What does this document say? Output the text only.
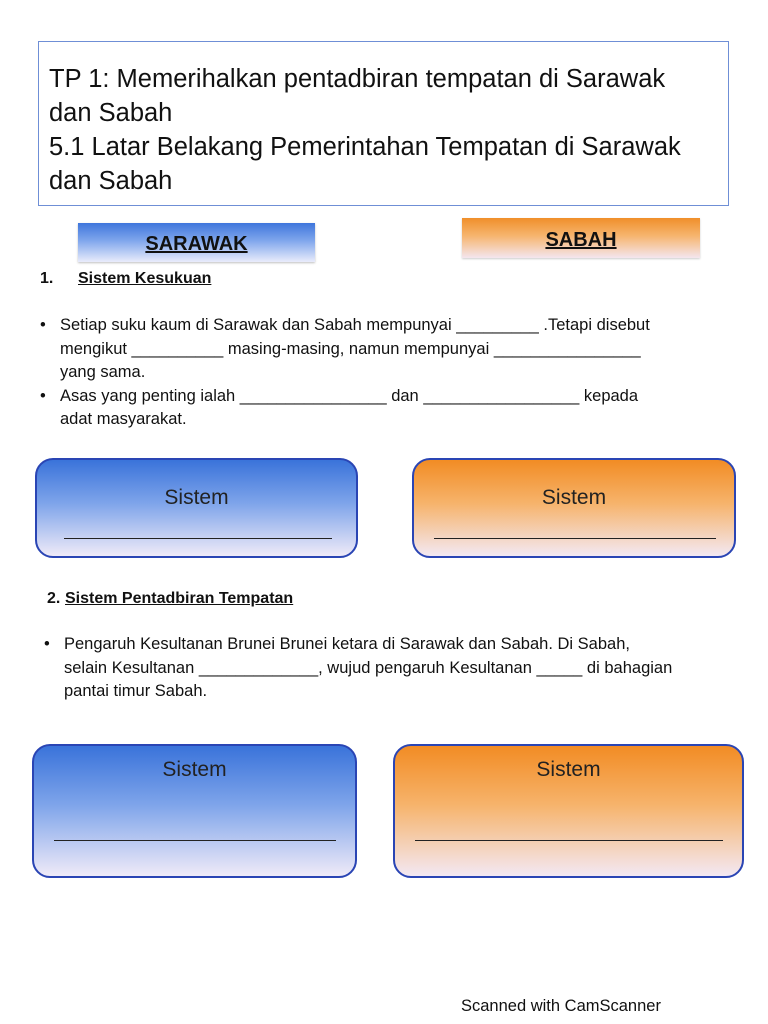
TP 1: Memerihalkan pentadbiran tempatan di Sarawak
dan Sabah
5.1 Latar Belakang Pemerintahan Tempatan di Sarawak
dan Sabah
SARAWAK	SABAH
1. Sistem Kesukuan
• Setiap suku kaum di Sarawak dan Sabah mempunyai _________ .Tetapi disebut
mengikut __________ masing-masing, namun mempunyai ________________
yang sama.
• Asas yang penting ialah ________________ dan _________________ kepada
adat masyarakat.
Sistem	Sistem
2. Sistem Pentadbiran Tempatan
• Pengaruh Kesultanan Brunei Brunei ketara di Sarawak dan Sabah. Di Sabah,
selain Kesultanan _____________, wujud pengaruh Kesultanan _____ di bahagian
pantai timur Sabah.
Sistem	Sistem
Scanned with CamScanner
